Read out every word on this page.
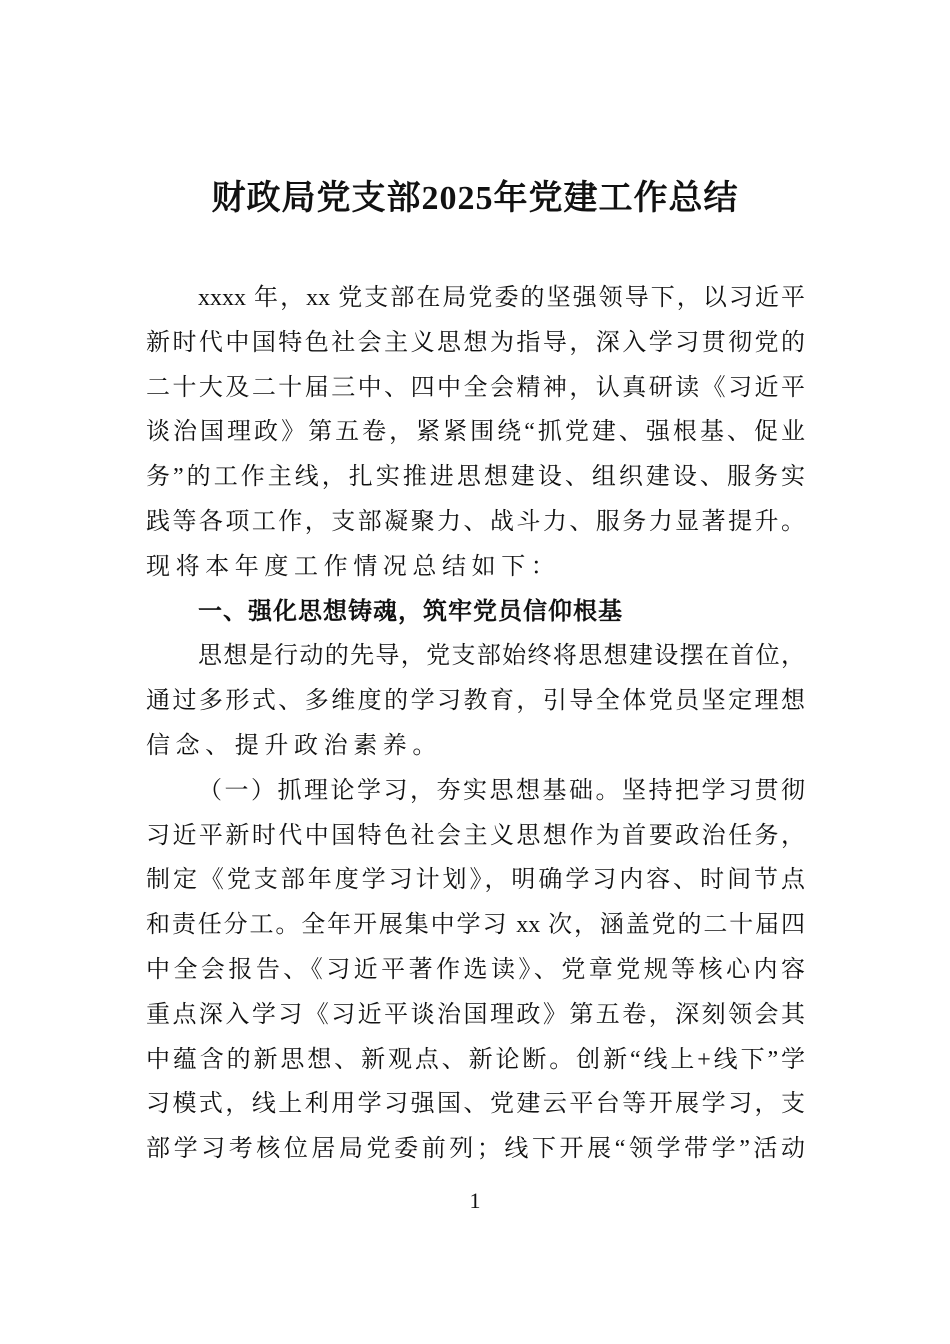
财政局党支部2025年党建工作总结
xxxx 年，xx 党支部在局党委的坚强领导下，以习近平
新时代中国特色社会主义思想为指导，深入学习贯彻党的
二十大及二十届三中、四中全会精神，认真研读《习近平
谈治国理政》第五卷，紧紧围绕“抓党建、强根基、促业
务”的工作主线，扎实推进思想建设、组织建设、服务实
践等各项工作，支部凝聚力、战斗力、服务力显著提升。
现将本年度工作情况总结如下：
一、强化思想铸魂，筑牢党员信仰根基
思想是行动的先导，党支部始终将思想建设摆在首位，
通过多形式、多维度的学习教育，引导全体党员坚定理想
信念、提升政治素养。
（一）抓理论学习，夯实思想基础。坚持把学习贯彻
习近平新时代中国特色社会主义思想作为首要政治任务，
制定《党支部年度学习计划》，明确学习内容、时间节点
和责任分工。全年开展集中学习 xx 次，涵盖党的二十届四
中全会报告、《习近平著作选读》、党章党规等核心内容
重点深入学习《习近平谈治国理政》第五卷，深刻领会其
中蕴含的新思想、新观点、新论断。创新“线上+线下”学
习模式，线上利用学习强国、党建云平台等开展学习，支
部学习考核位居局党委前列；线下开展“领学带学”活动
1
